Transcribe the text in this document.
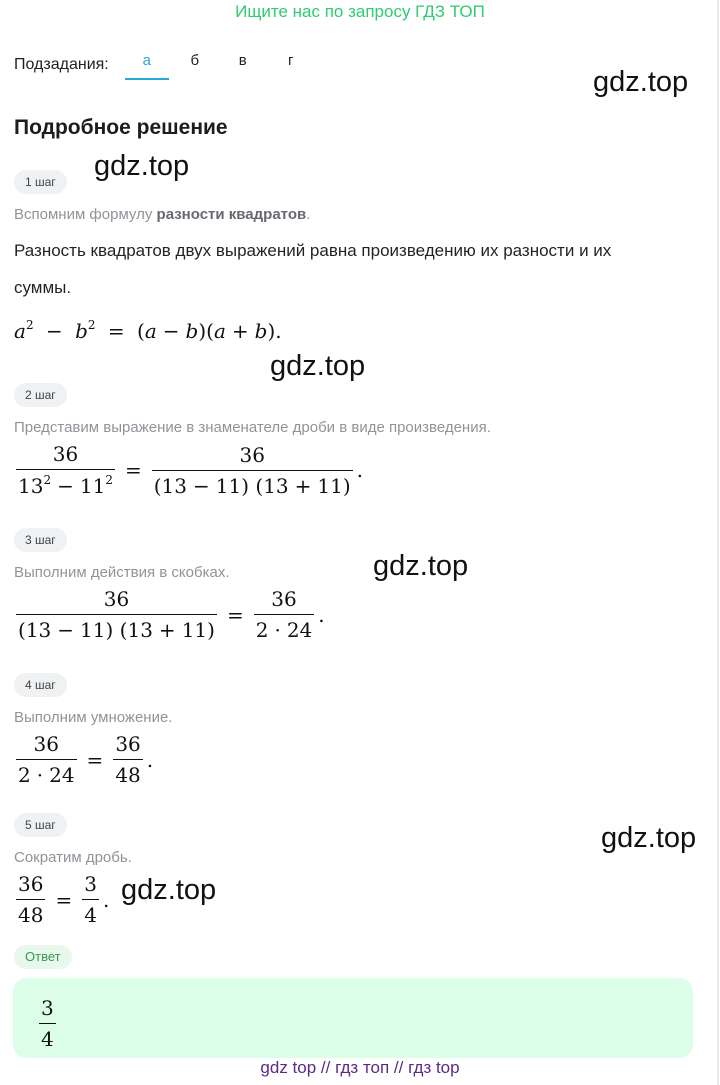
Ищите нас по запросу ГДЗ ТОП
Подзадания:	а	б	в	г
gdz.top
gdz.top
gdz.top
gdz.top
gdz.top
gdz.top
Подробное решение
1 шаг
Вспомним формулу разности квадратов.
Разность квадратов двух выражений равна произведению их разности и их
суммы.
$a^2 - b^2 = (a - b)(a + b)$.
2 шаг
Представим выражение в знаменателе дроби в виде произведения.
$\frac{36}{13^2 - 11^2} = \frac{36}{(13 - 11) (13 + 11)}$ .
3 шаг
Выполним действия в скобках.
$\frac{36}{(13 - 11) (13 + 11)} = \frac{36}{2 \cdot 24}$ .
4 шаг
Выполним умножение.
$\frac{36}{2 \cdot 24} = \frac{36}{48}$ .
5 шаг
Сократим дробь.
$\frac{36}{48} = \frac{3}{4}$ .
Ответ
$\frac{3}{4}$
gdz top // гдз топ // гдз top
